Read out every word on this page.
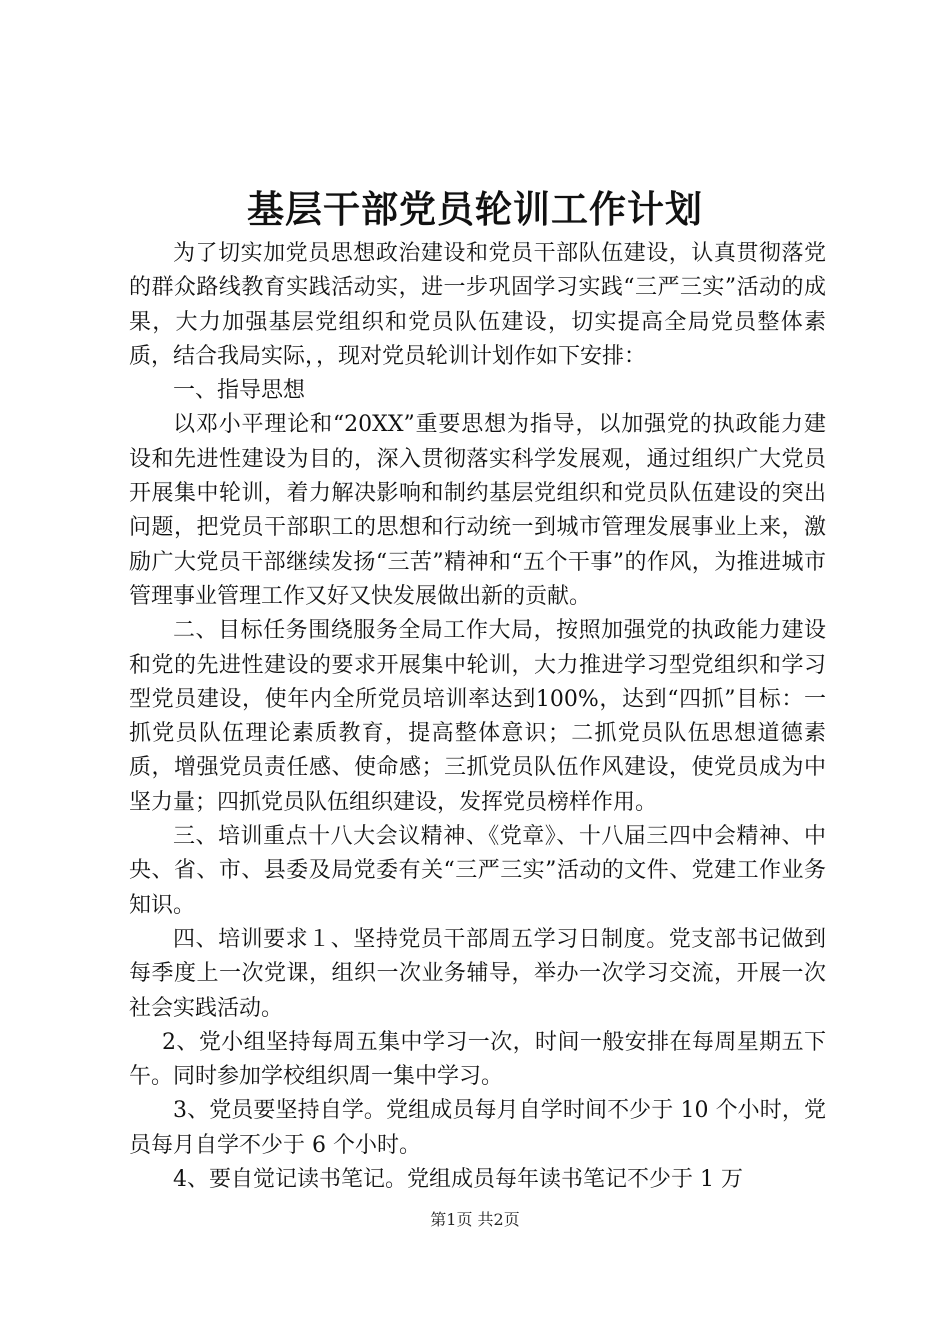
基层干部党员轮训工作计划

为了切实加党员思想政治建设和党员干部队伍建设，认真贯彻落党的群众路线教育实践活动实，进一步巩固学习实践“三严三实”活动的成果，大力加强基层党组织和党员队伍建设，切实提高全局党员整体素质，结合我局实际，，现对党员轮训计划作如下安排：

一、指导思想

以邓小平理论和“20XX”重要思想为指导，以加强党的执政能力建设和先进性建设为目的，深入贯彻落实科学发展观，通过组织广大党员开展集中轮训，着力解决影响和制约基层党组织和党员队伍建设的突出问题，把党员干部职工的思想和行动统一到城市管理发展事业上来，激励广大党员干部继续发扬“三苦”精神和“五个干事”的作风，为推进城市管理事业管理工作又好又快发展做出新的贡献。

二、目标任务围绕服务全局工作大局，按照加强党的执政能力建设和党的先进性建设的要求开展集中轮训，大力推进学习型党组织和学习型党员建设，使年内全所党员培训率达到100%，达到“四抓”目标：一抓党员队伍理论素质教育，提高整体意识；二抓党员队伍思想道德素质，增强党员责任感、使命感；三抓党员队伍作风建设，使党员成为中坚力量；四抓党员队伍组织建设，发挥党员榜样作用。

三、培训重点十八大会议精神、《党章》、十八届三四中会精神、中央、省、市、县委及局党委有关“三严三实”活动的文件、党建工作业务知识。

四、培训要求１、坚持党员干部周五学习日制度。党支部书记做到每季度上一次党课，组织一次业务辅导，举办一次学习交流，开展一次社会实践活动。

2、党小组坚持每周五集中学习一次，时间一般安排在每周星期五下午。同时参加学校组织周一集中学习。

3、党员要坚持自学。党组成员每月自学时间不少于 10 个小时，党员每月自学不少于 6 个小时。

4、要自觉记读书笔记。党组成员每年读书笔记不少于 1 万

第1页 共2页
